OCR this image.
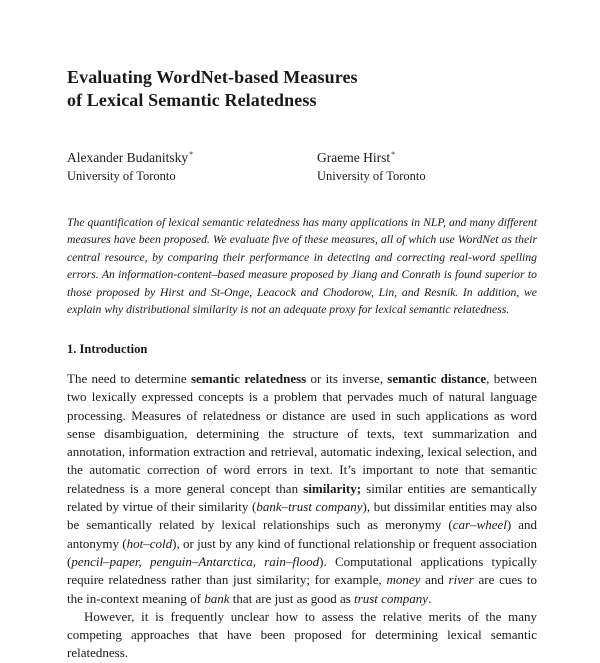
Evaluating WordNet-based Measures
of Lexical Semantic Relatedness
Alexander Budanitsky*
University of Toronto
Graeme Hirst*
University of Toronto

The quantification of lexical semantic relatedness has many applications in NLP, and many different measures have been proposed. We evaluate five of these measures, all of which use WordNet as their central resource, by comparing their performance in detecting and correcting real-word spelling errors. An information-content–based measure proposed by Jiang and Conrath is found superior to those proposed by Hirst and St-Onge, Leacock and Chodorow, Lin, and Resnik. In addition, we explain why distributional similarity is not an adequate proxy for lexical semantic relatedness.

1. Introduction

The need to determine semantic relatedness or its inverse, semantic distance, between two lexically expressed concepts is a problem that pervades much of natural language processing. Measures of relatedness or distance are used in such applications as word sense disambiguation, determining the structure of texts, text summarization and annotation, information extraction and retrieval, automatic indexing, lexical selection, and the automatic correction of word errors in text. It’s important to note that semantic relatedness is a more general concept than similarity; similar entities are semantically related by virtue of their similarity (bank–trust company), but dissimilar entities may also be semantically related by lexical relationships such as meronymy (car–wheel) and antonymy (hot–cold), or just by any kind of functional relationship or frequent association (pencil–paper, penguin–Antarctica, rain–flood). Computational applications typically require relatedness rather than just similarity; for example, money and river are cues to the in-context meaning of bank that are just as good as trust company.

However, it is frequently unclear how to assess the relative merits of the many competing approaches that have been proposed for determining lexical semantic relatedness.
